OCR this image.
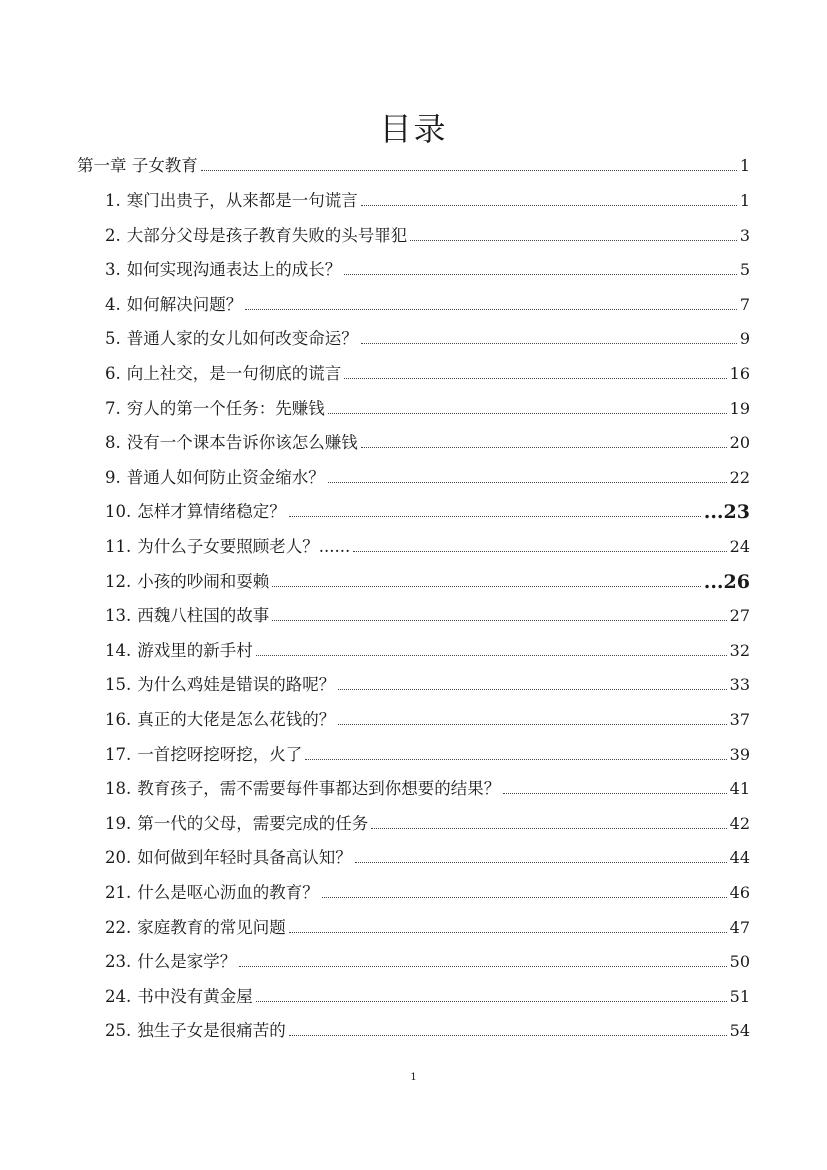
目录
第一章 子女教育	1
1. 寒门出贵子，从来都是一句谎言	1
2. 大部分父母是孩子教育失败的头号罪犯	3
3. 如何实现沟通表达上的成长？	5
4. 如何解决问题？	7
5. 普通人家的女儿如何改变命运？	9
6. 向上社交，是一句彻底的谎言	16
7. 穷人的第一个任务：先赚钱	19
8. 没有一个课本告诉你该怎么赚钱	20
9. 普通人如何防止资金缩水？	22
10. 怎样才算情绪稳定？	...23
11. 为什么子女要照顾老人？......	24
12. 小孩的吵闹和耍赖	...26
13. 西魏八柱国的故事	27
14. 游戏里的新手村	32
15. 为什么鸡娃是错误的路呢？	33
16. 真正的大佬是怎么花钱的？	37
17. 一首挖呀挖呀挖，火了	39
18. 教育孩子，需不需要每件事都达到你想要的结果？	41
19. 第一代的父母，需要完成的任务	42
20. 如何做到年轻时具备高认知？	44
21. 什么是呕心沥血的教育？	46
22. 家庭教育的常见问题	47
23. 什么是家学？	50
24. 书中没有黄金屋	51
25. 独生子女是很痛苦的	54
1
